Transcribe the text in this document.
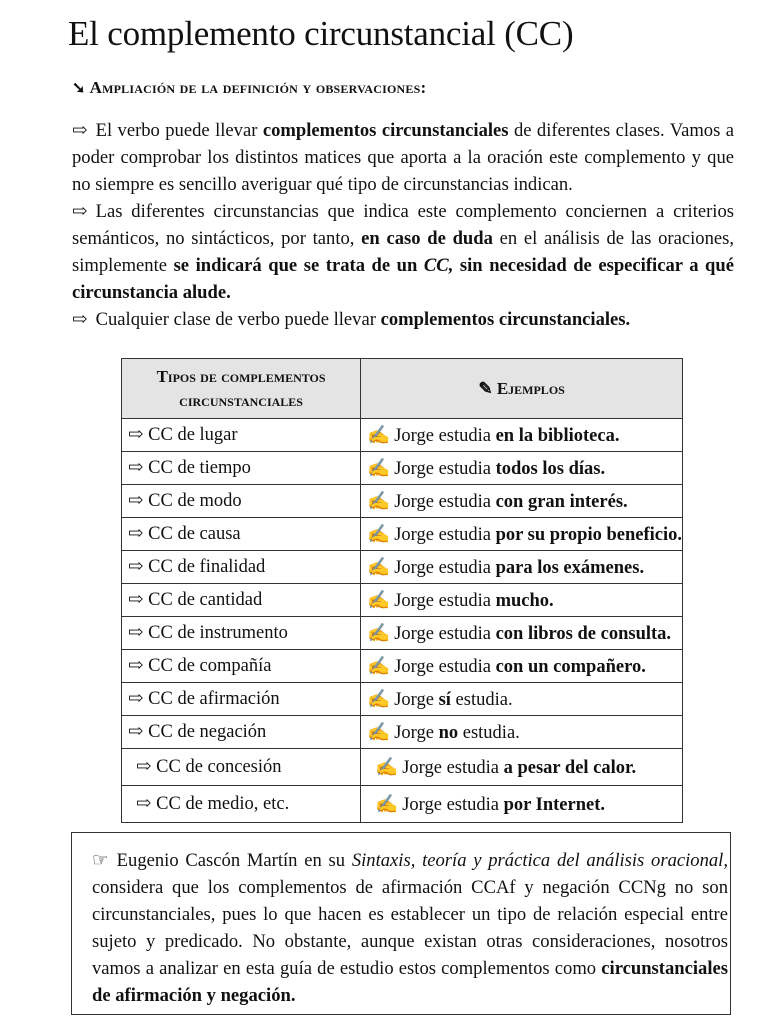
El complemento circunstancial (CC)
➘ Ampliación de la definición y observaciones:

⇨ El verbo puede llevar complementos circunstanciales de diferentes clases. Vamos a poder comprobar los distintos matices que aporta a la oración este complemento y que no siempre es sencillo averiguar qué tipo de circunstancias indican.

⇨ Las diferentes circunstancias que indica este complemento conciernen a criterios semánticos, no sintácticos, por tanto, en caso de duda en el análisis de las oraciones, simplemente se indicará que se trata de un CC, sin necesidad de especificar a qué circunstancia alude.

⇨ Cualquier clase de verbo puede llevar complementos circunstanciales.

Tipos de complementos
circunstanciales	✎ Ejemplos
⇨ CC de lugar	✍ Jorge estudia en la biblioteca.
⇨ CC de tiempo	✍ Jorge estudia todos los días.
⇨ CC de modo	✍ Jorge estudia con gran interés.
⇨ CC de causa	✍ Jorge estudia por su propio beneficio.
⇨ CC de finalidad	✍ Jorge estudia para los exámenes.
⇨ CC de cantidad	✍ Jorge estudia mucho.
⇨ CC de instrumento	✍ Jorge estudia con libros de consulta.
⇨ CC de compañía	✍ Jorge estudia con un compañero.
⇨ CC de afirmación	✍ Jorge sí estudia.
⇨ CC de negación	✍ Jorge no estudia.
⇨ CC de concesión	✍ Jorge estudia a pesar del calor.
⇨ CC de medio, etc.	✍ Jorge estudia por Internet.
☞ Eugenio Cascón Martín en su Sintaxis, teoría y práctica del análisis oracional, considera que los complementos de afirmación CCAf y negación CCNg no son circunstanciales, pues lo que hacen es establecer un tipo de relación especial entre sujeto y predicado. No obstante, aunque existan otras consideraciones, nosotros vamos a analizar en esta guía de estudio estos complementos como circunstanciales de afirmación y negación.
